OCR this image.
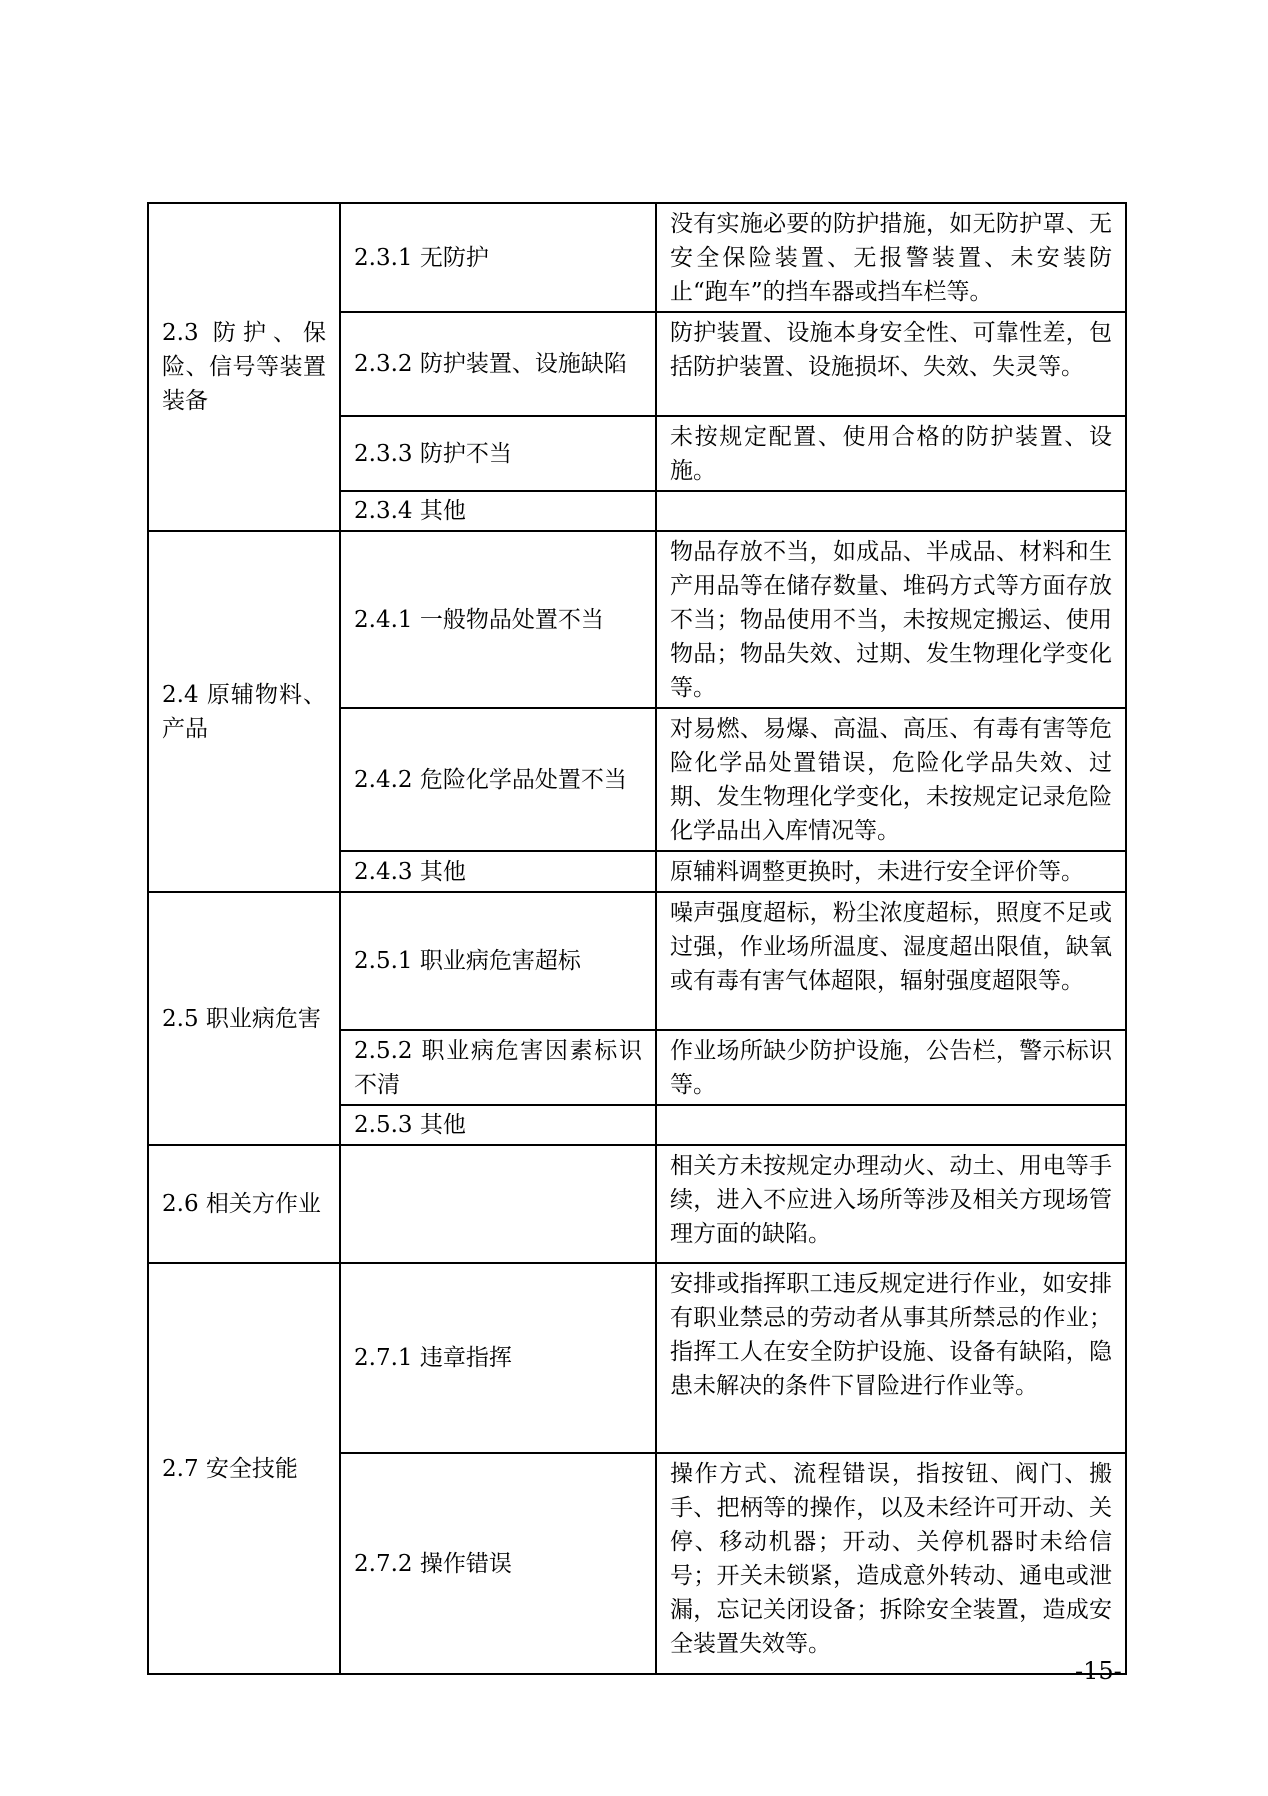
2.3 防护、保险、信号等装置装备	2.3.1 无防护	没有实施必要的防护措施，如无防护罩、无安全保险装置、无报警装置、未安装防止“跑车”的挡车器或挡车栏等。
	2.3.2 防护装置、设施缺陷	防护装置、设施本身安全性、可靠性差，包括防护装置、设施损坏、失效、失灵等。
	2.3.3 防护不当	未按规定配置、使用合格的防护装置、设施。
	2.3.4 其他	
2.4 原辅物料、产品	2.4.1 一般物品处置不当	物品存放不当，如成品、半成品、材料和生产用品等在储存数量、堆码方式等方面存放不当；物品使用不当，未按规定搬运、使用物品；物品失效、过期、发生物理化学变化等。
	2.4.2 危险化学品处置不当	对易燃、易爆、高温、高压、有毒有害等危险化学品处置错误，危险化学品失效、过期、发生物理化学变化，未按规定记录危险化学品出入库情况等。
	2.4.3 其他	原辅料调整更换时，未进行安全评价等。
2.5 职业病危害	2.5.1 职业病危害超标	噪声强度超标，粉尘浓度超标，照度不足或过强，作业场所温度、湿度超出限值，缺氧或有毒有害气体超限，辐射强度超限等。
	2.5.2 职业病危害因素标识不清	作业场所缺少防护设施，公告栏，警示标识等。
	2.5.3 其他	
2.6 相关方作业		相关方未按规定办理动火、动土、用电等手续，进入不应进入场所等涉及相关方现场管理方面的缺陷。
2.7 安全技能	2.7.1 违章指挥	安排或指挥职工违反规定进行作业，如安排有职业禁忌的劳动者从事其所禁忌的作业；指挥工人在安全防护设施、设备有缺陷，隐患未解决的条件下冒险进行作业等。
	2.7.2 操作错误	操作方式、流程错误，指按钮、阀门、搬手、把柄等的操作，以及未经许可开动、关停、移动机器；开动、关停机器时未给信号；开关未锁紧，造成意外转动、通电或泄漏，忘记关闭设备；拆除安全装置，造成安全装置失效等。
-15-
